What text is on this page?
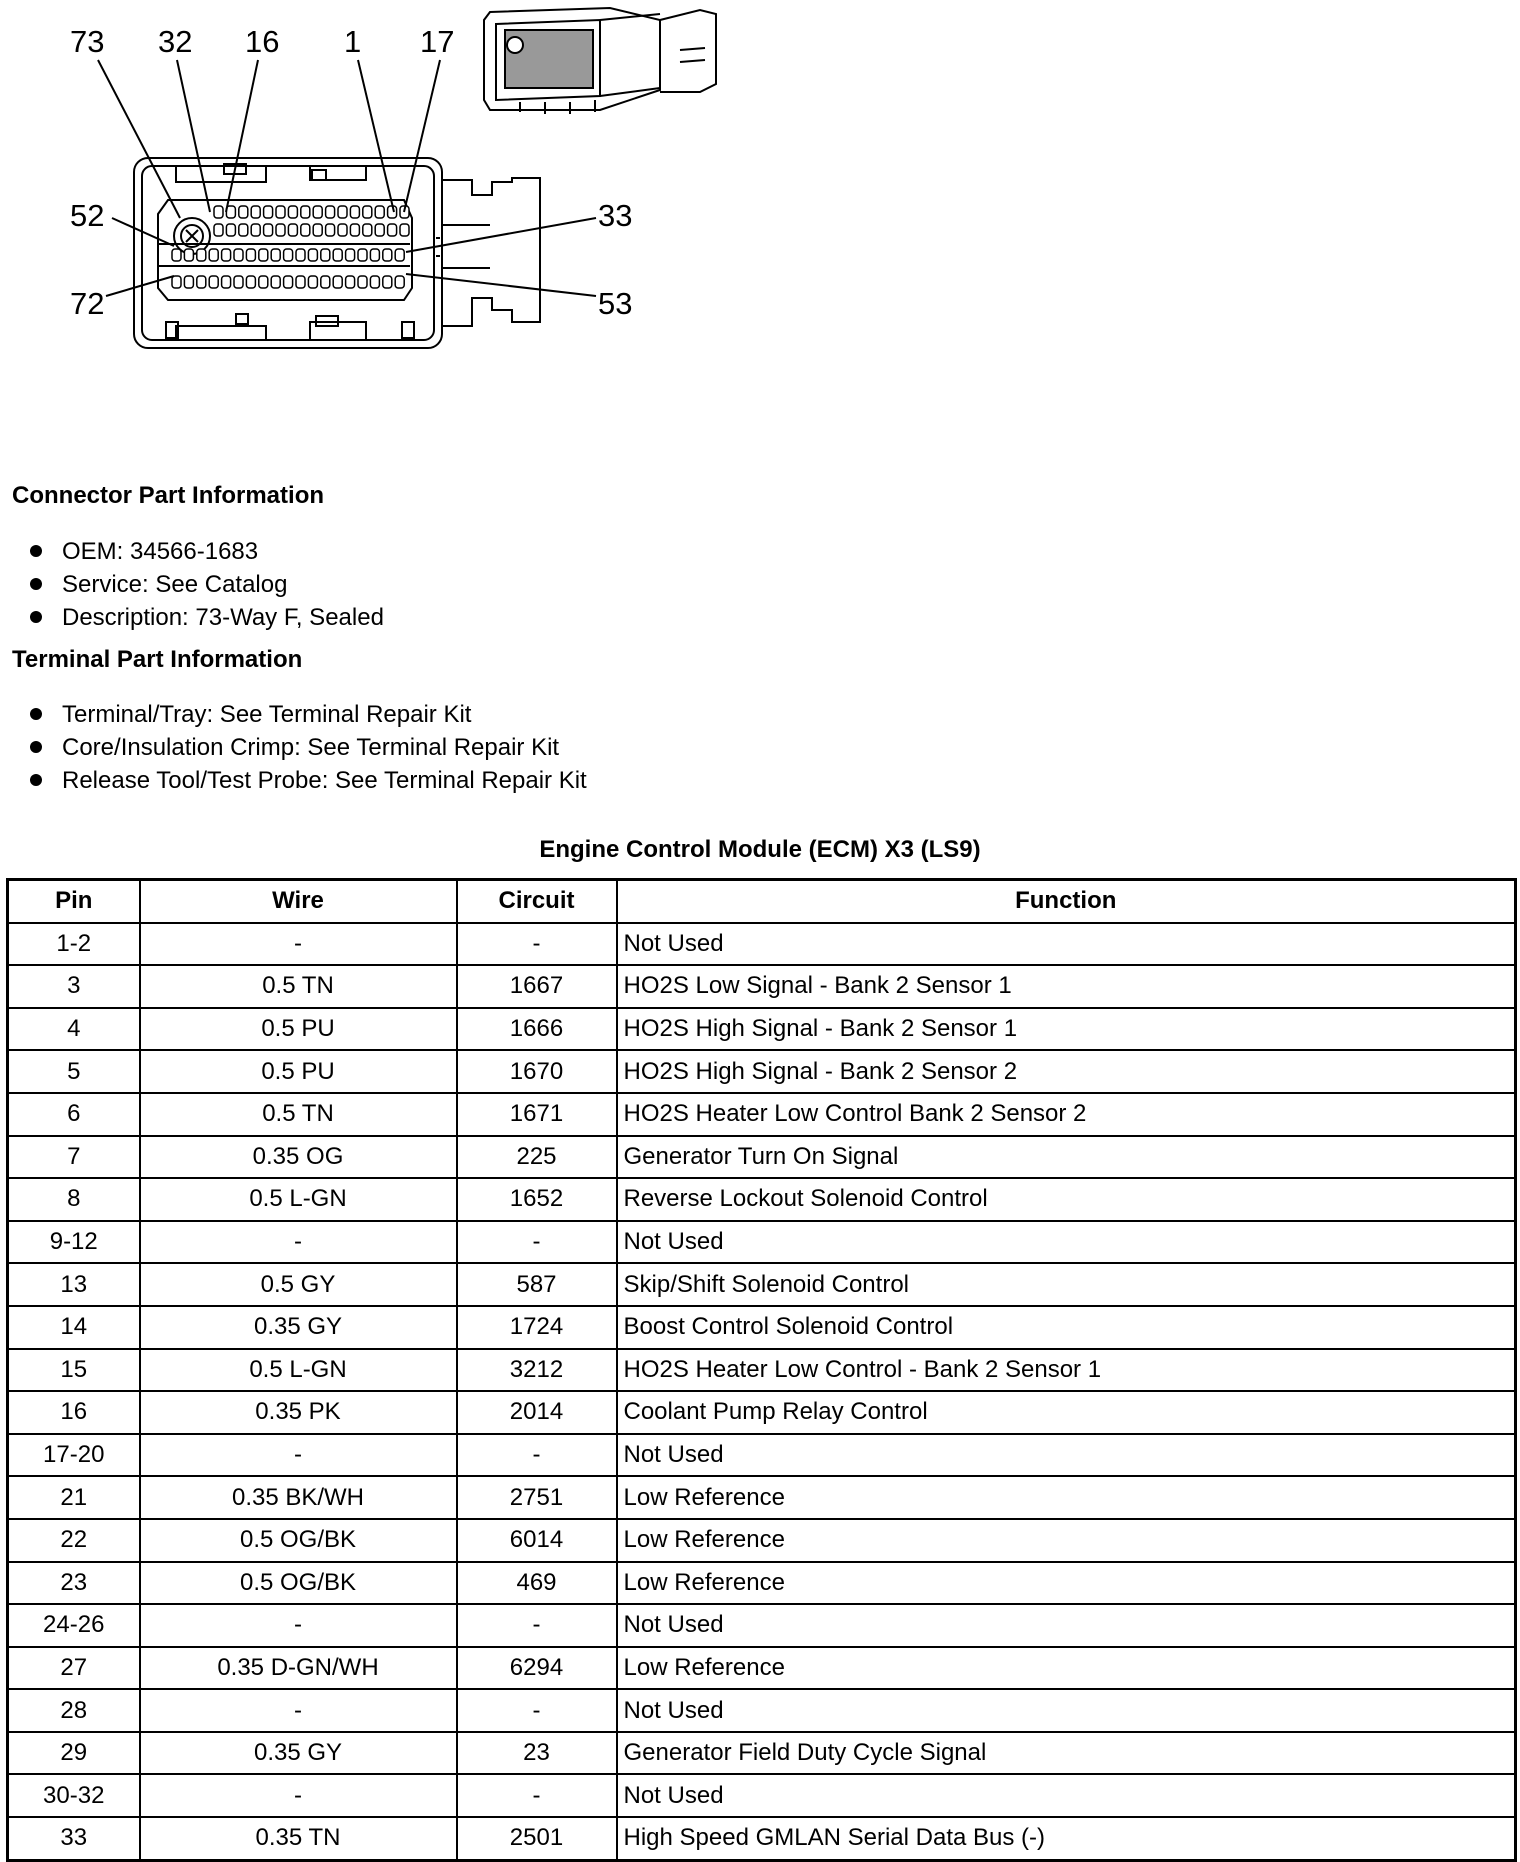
73 32 16 1 17
52
72
33
53
Connector Part Information
OEM: 34566-1683
Service: See Catalog
Description: 73-Way F, Sealed
Terminal Part Information
Terminal/Tray: See Terminal Repair Kit
Core/Insulation Crimp: See Terminal Repair Kit
Release Tool/Test Probe: See Terminal Repair Kit
Engine Control Module (ECM) X3 (LS9)
Pin	Wire	Circuit	Function
1-2	-	-	Not Used
3	0.5 TN	1667	HO2S Low Signal - Bank 2 Sensor 1
4	0.5 PU	1666	HO2S High Signal - Bank 2 Sensor 1
5	0.5 PU	1670	HO2S High Signal - Bank 2 Sensor 2
6	0.5 TN	1671	HO2S Heater Low Control Bank 2 Sensor 2
7	0.35 OG	225	Generator Turn On Signal
8	0.5 L-GN	1652	Reverse Lockout Solenoid Control
9-12	-	-	Not Used
13	0.5 GY	587	Skip/Shift Solenoid Control
14	0.35 GY	1724	Boost Control Solenoid Control
15	0.5 L-GN	3212	HO2S Heater Low Control - Bank 2 Sensor 1
16	0.35 PK	2014	Coolant Pump Relay Control
17-20	-	-	Not Used
21	0.35 BK/WH	2751	Low Reference
22	0.5 OG/BK	6014	Low Reference
23	0.5 OG/BK	469	Low Reference
24-26	-	-	Not Used
27	0.35 D-GN/WH	6294	Low Reference
28	-	-	Not Used
29	0.35 GY	23	Generator Field Duty Cycle Signal
30-32	-	-	Not Used
33	0.35 TN	2501	High Speed GMLAN Serial Data Bus (-)
